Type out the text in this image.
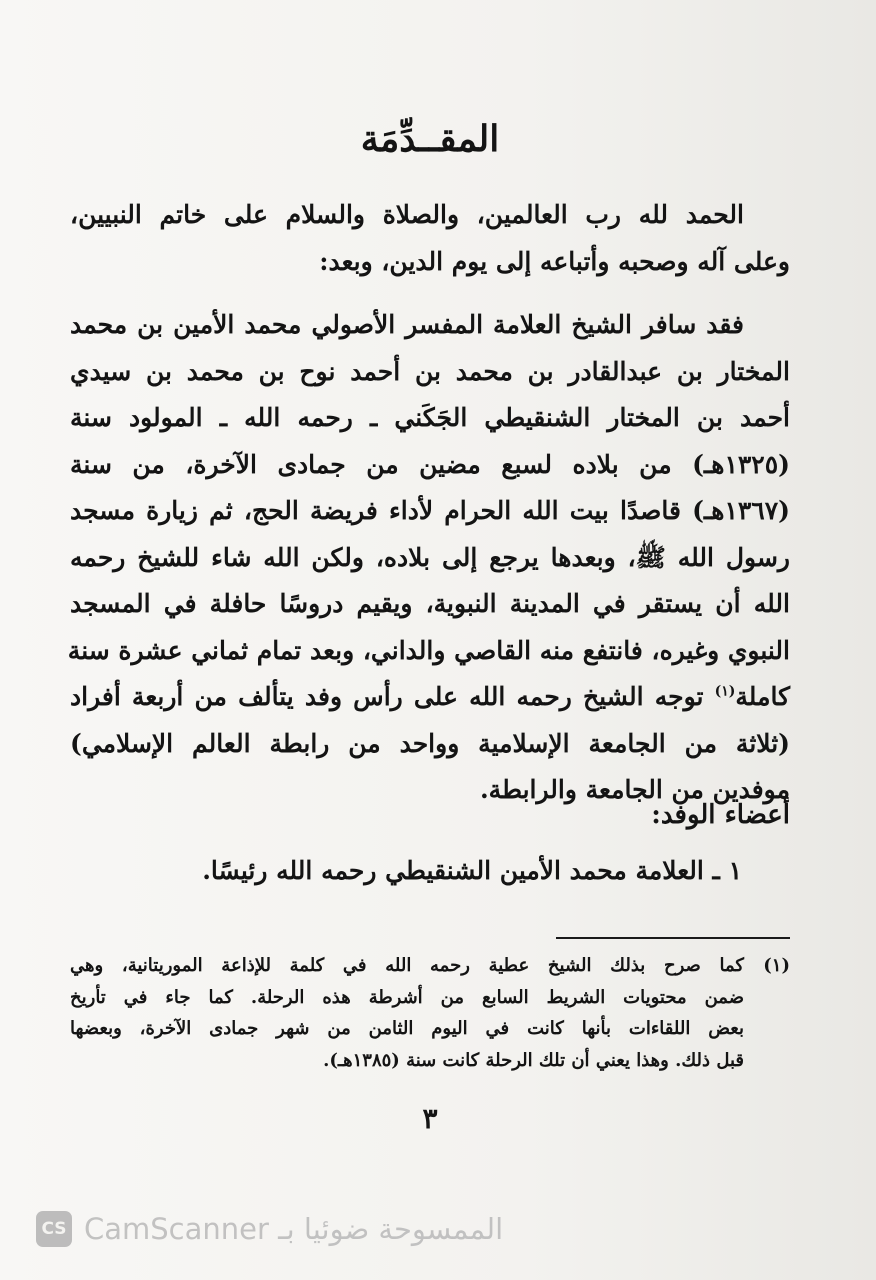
المقــدِّمَة

الحمد لله رب العالمين، والصلاة والسلام على خاتم النبيين،
وعلى آله وصحبه وأتباعه إلى يوم الدين، وبعد:

فقد سافر الشيخ العلامة المفسر الأصولي محمد الأمين بن محمد
المختار بن عبدالقادر بن محمد بن أحمد نوح بن محمد بن سيدي
أحمد بن المختار الشنقيطي الجَكَني ـ رحمه الله ـ المولود سنة
(١٣٢٥هـ) من بلاده لسبع مضين من جمادى الآخرة، من سنة
(١٣٦٧هـ) قاصدًا بيت الله الحرام لأداء فريضة الحج، ثم زيارة مسجد
رسول الله ﷺ، وبعدها يرجع إلى بلاده، ولكن الله شاء للشيخ رحمه
الله أن يستقر في المدينة النبوية، ويقيم دروسًا حافلة في المسجد
النبوي وغيره، فانتفع منه القاصي والداني، وبعد تمام ثماني عشرة سنة
كاملة$^{(١)}$ توجه الشيخ رحمه الله على رأس وفد يتألف من أربعة أفراد
(ثلاثة من الجامعة الإسلامية وواحد من رابطة العالم الإسلامي)
موفدين من الجامعة والرابطة.

أعضاء الوفد:
١ ـ العلامة محمد الأمين الشنقيطي رحمه الله رئيسًا.
(١)
كما صرح بذلك الشيخ عطية رحمه الله في كلمة للإذاعة الموريتانية، وهي
ضمن محتويات الشريط السابع من أشرطة هذه الرحلة. كما جاء في تأريخ
بعض اللقاءات بأنها كانت في اليوم الثامن من شهر جمادى الآخرة، وبعضها
قبل ذلك. وهذا يعني أن تلك الرحلة كانت سنة (١٣٨٥هـ).
٣
CS CamScanner الممسوحة ضوئيا بـ
